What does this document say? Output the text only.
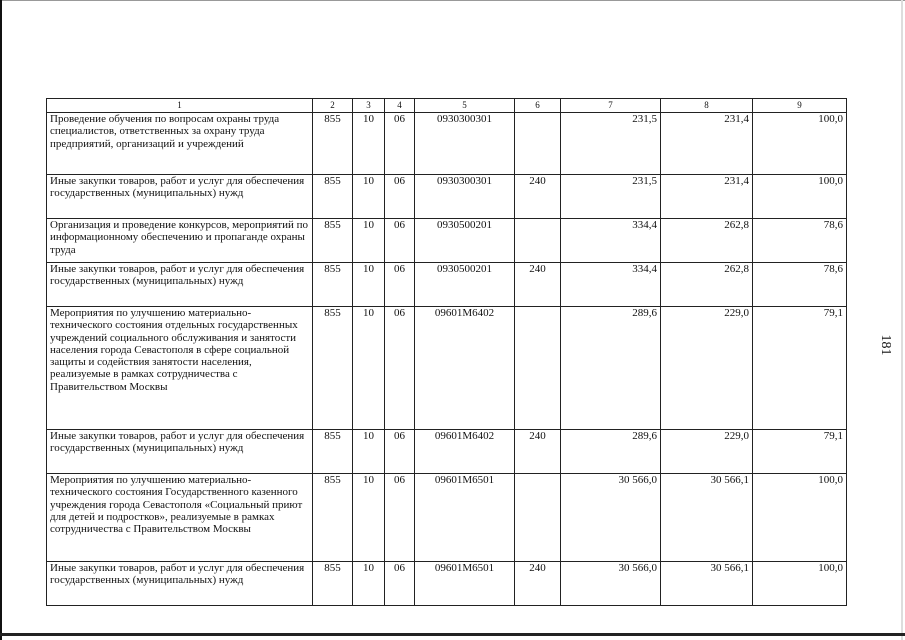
1	2	3	4	5	6	7	8	9
Проведение обучения по вопросам охраны труда специалистов, ответственных за охрану труда предприятий, организаций и учреждений	855	10	06	0930300301		231,5	231,4	100,0
Иные закупки товаров, работ и услуг для обеспечения государственных (муниципальных) нужд	855	10	06	0930300301	240	231,5	231,4	100,0
Организация и проведение конкурсов, мероприятий по информационному обеспечению и пропаганде охраны труда	855	10	06	0930500201		334,4	262,8	78,6
Иные закупки товаров, работ и услуг для обеспечения государственных (муниципальных) нужд	855	10	06	0930500201	240	334,4	262,8	78,6
Мероприятия по улучшению материально-технического состояния отдельных государственных учреждений социального обслуживания и занятости населения города Севастополя в сфере социальной защиты и содействия занятости населения, реализуемые в рамках сотрудничества с Правительством Москвы	855	10	06	09601М6402		289,6	229,0	79,1
Иные закупки товаров, работ и услуг для обеспечения государственных (муниципальных) нужд	855	10	06	09601М6402	240	289,6	229,0	79,1
Мероприятия по улучшению материально-технического состояния Государственного казенного учреждения города Севастополя «Социальный приют для детей и подростков», реализуемые в рамках сотрудничества с Правительством Москвы	855	10	06	09601М6501		30 566,0	30 566,1	100,0
Иные закупки товаров, работ и услуг для обеспечения государственных (муниципальных) нужд	855	10	06	09601М6501	240	30 566,0	30 566,1	100,0
181
